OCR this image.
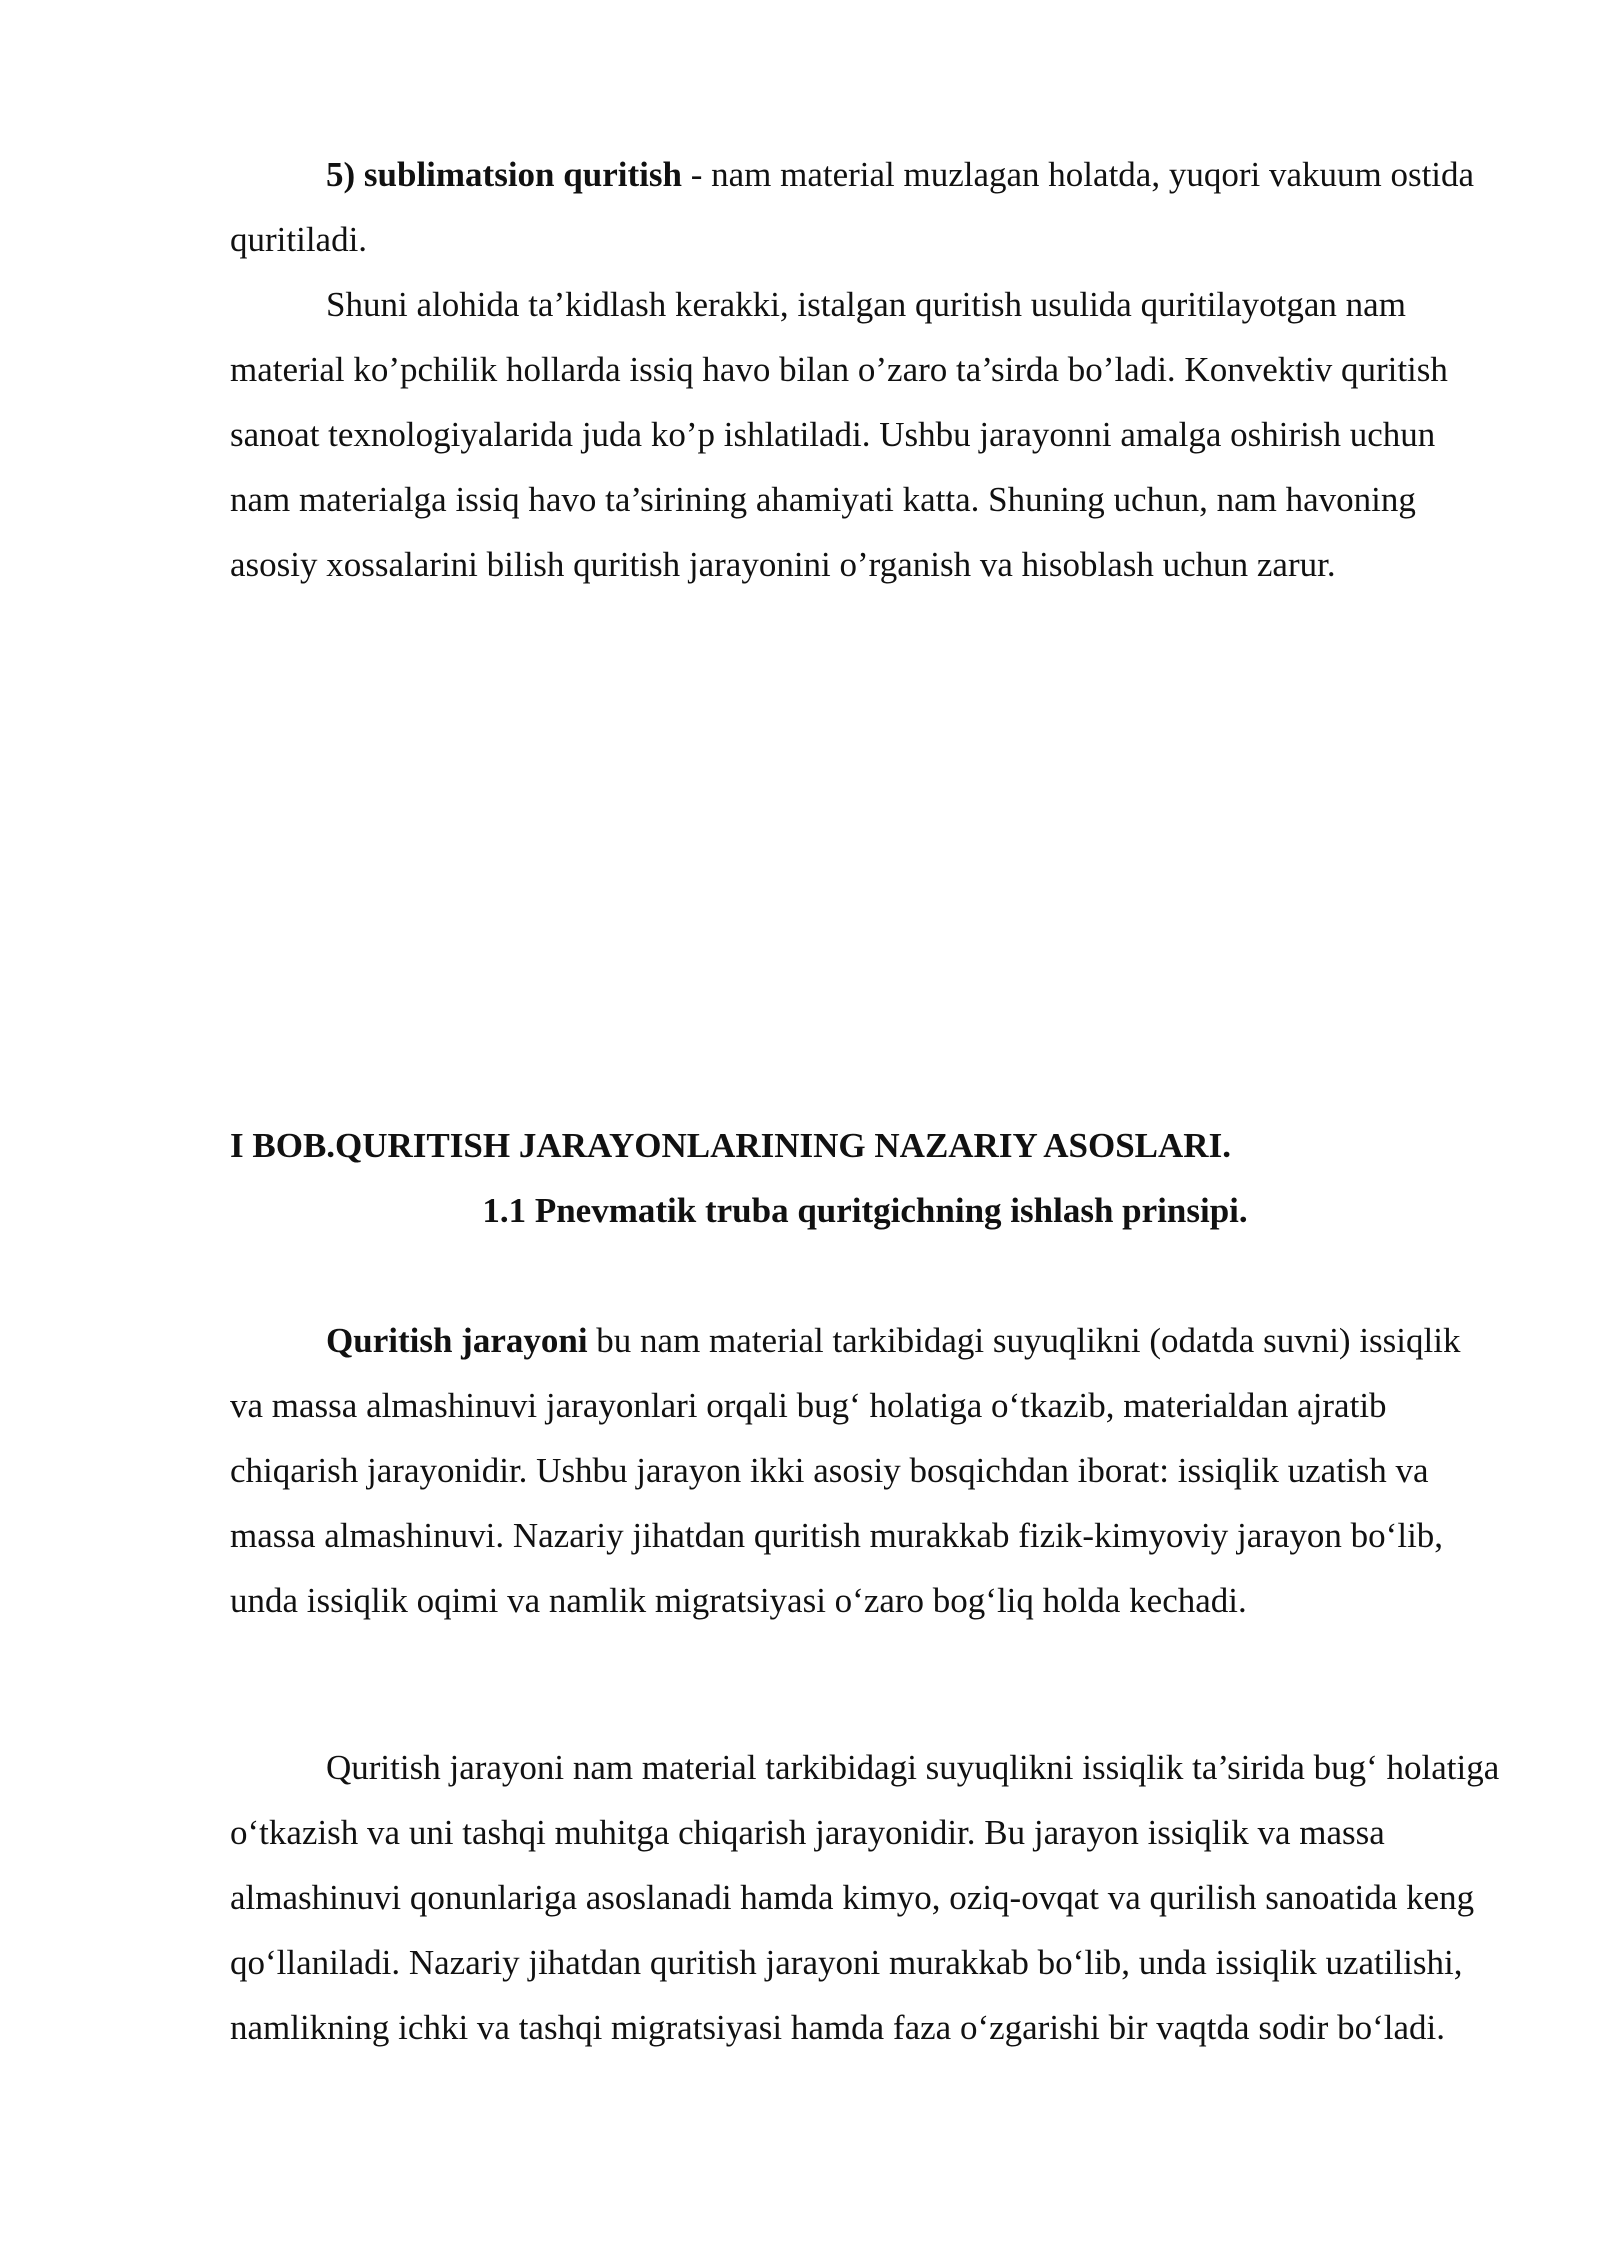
5) sublimatsion quritish - nam material muzlagan holatda, yuqori vakuum ostida quritiladi.

Shuni alohida ta’kidlash kerakki, istalgan quritish usulida quritilayotgan nam material ko’pchilik hollarda issiq havo bilan o’zaro ta’sirda bo’ladi. Konvektiv quritish sanoat texnologiyalarida juda ko’p ishlatiladi. Ushbu jarayonni amalga oshirish uchun nam materialga issiq havo ta’sirining ahamiyati katta. Shuning uchun, nam havoning asosiy xossalarini bilish quritish jarayonini o’rganish va hisoblash uchun zarur.

I BOB.QURITISH JARAYONLARINING NAZARIY ASOSLARI.

1.1 Pnevmatik truba quritgichning ishlash prinsipi.

Quritish jarayoni bu nam material tarkibidagi suyuqlikni (odatda suvni) issiqlik va massa almashinuvi jarayonlari orqali bug‘ holatiga o‘tkazib, materialdan ajratib chiqarish jarayonidir. Ushbu jarayon ikki asosiy bosqichdan iborat: issiqlik uzatish va massa almashinuvi. Nazariy jihatdan quritish murakkab fizik-kimyoviy jarayon bo‘lib, unda issiqlik oqimi va namlik migratsiyasi o‘zaro bog‘liq holda kechadi.

Quritish jarayoni nam material tarkibidagi suyuqlikni issiqlik ta’sirida bug‘ holatiga o‘tkazish va uni tashqi muhitga chiqarish jarayonidir. Bu jarayon issiqlik va massa almashinuvi qonunlariga asoslanadi hamda kimyo, oziq-ovqat va qurilish sanoatida keng qo‘llaniladi. Nazariy jihatdan quritish jarayoni murakkab bo‘lib, unda issiqlik uzatilishi, namlikning ichki va tashqi migratsiyasi hamda faza o‘zgarishi bir vaqtda sodir bo‘ladi.
